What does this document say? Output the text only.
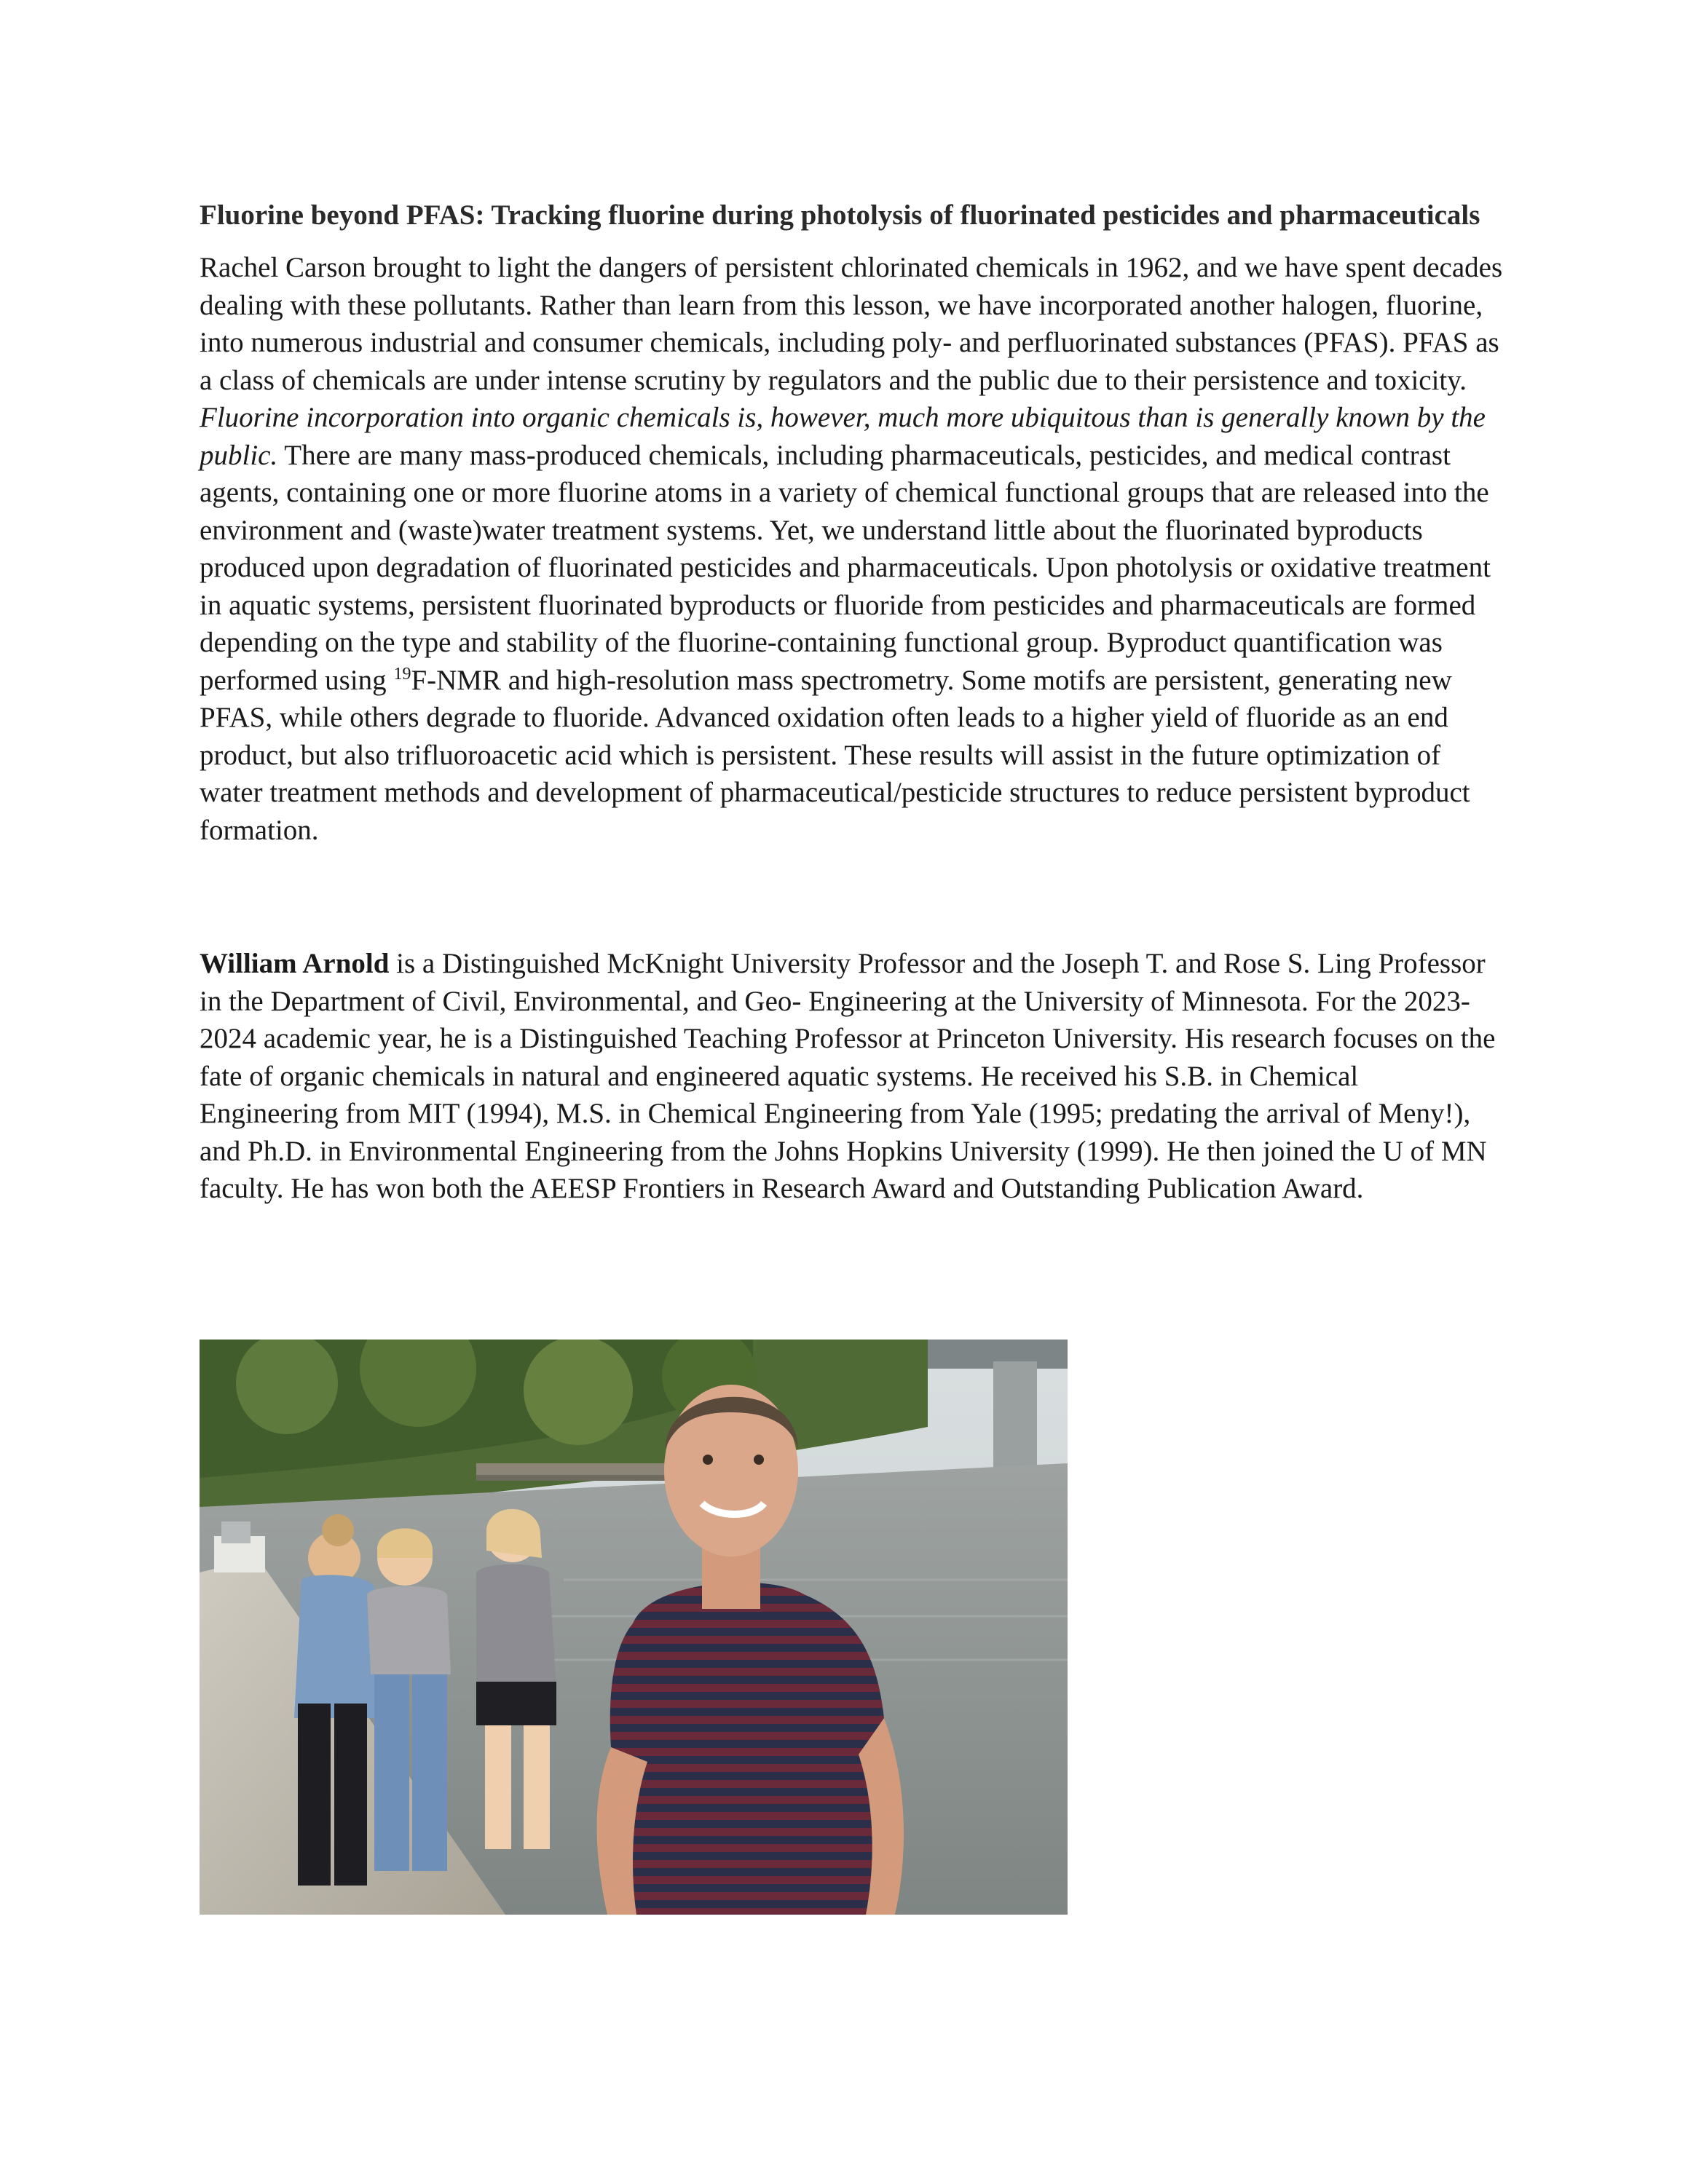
Fluorine beyond PFAS: Tracking fluorine during photolysis of fluorinated pesticides and pharmaceuticals

Rachel Carson brought to light the dangers of persistent chlorinated chemicals in 1962, and we have spent decades dealing with these pollutants. Rather than learn from this lesson, we have incorporated another halogen, fluorine, into numerous industrial and consumer chemicals, including poly- and perfluorinated substances (PFAS). PFAS as a class of chemicals are under intense scrutiny by regulators and the public due to their persistence and toxicity. Fluorine incorporation into organic chemicals is, however, much more ubiquitous than is generally known by the public. There are many mass-produced chemicals, including pharmaceuticals, pesticides, and medical contrast agents, containing one or more fluorine atoms in a variety of chemical functional groups that are released into the environment and (waste)water treatment systems. Yet, we understand little about the fluorinated byproducts produced upon degradation of fluorinated pesticides and pharmaceuticals. Upon photolysis or oxidative treatment in aquatic systems, persistent fluorinated byproducts or fluoride from pesticides and pharmaceuticals are formed depending on the type and stability of the fluorine-containing functional group. Byproduct quantification was performed using $^{19}$F-NMR and high-resolution mass spectrometry. Some motifs are persistent, generating new PFAS, while others degrade to fluoride. Advanced oxidation often leads to a higher yield of fluoride as an end product, but also trifluoroacetic acid which is persistent. These results will assist in the future optimization of water treatment methods and development of pharmaceutical/pesticide structures to reduce persistent byproduct formation.

William Arnold is a Distinguished McKnight University Professor and the Joseph T. and Rose S. Ling Professor in the Department of Civil, Environmental, and Geo- Engineering at the University of Minnesota. For the 2023-2024 academic year, he is a Distinguished Teaching Professor at Princeton University. His research focuses on the fate of organic chemicals in natural and engineered aquatic systems. He received his S.B. in Chemical Engineering from MIT (1994), M.S. in Chemical Engineering from Yale (1995; predating the arrival of Meny!), and Ph.D. in Environmental Engineering from the Johns Hopkins University (1999). He then joined the U of MN faculty. He has won both the AEESP Frontiers in Research Award and Outstanding Publication Award.
